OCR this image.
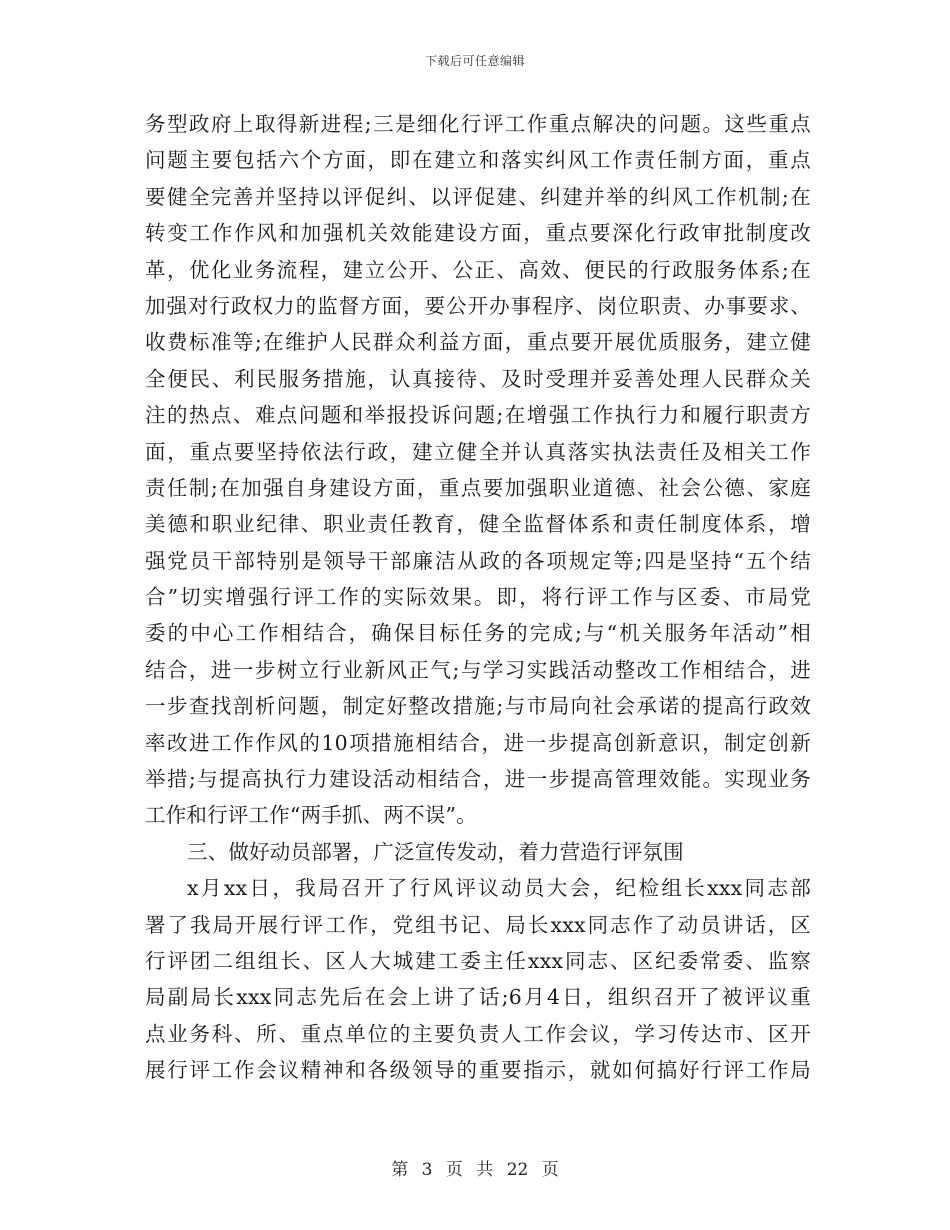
下载后可任意编辑
务型政府上取得新进程;三是细化行评工作重点解决的问题。这些重点
问题主要包括六个方面，即在建立和落实纠风工作责任制方面，重点
要健全完善并坚持以评促纠、以评促建、纠建并举的纠风工作机制;在
转变工作作风和加强机关效能建设方面，重点要深化行政审批制度改
革，优化业务流程，建立公开、公正、高效、便民的行政服务体系;在
加强对行政权力的监督方面，要公开办事程序、岗位职责、办事要求、
收费标准等;在维护人民群众利益方面，重点要开展优质服务，建立健
全便民、利民服务措施，认真接待、及时受理并妥善处理人民群众关
注的热点、难点问题和举报投诉问题;在增强工作执行力和履行职责方
面，重点要坚持依法行政，建立健全并认真落实执法责任及相关工作
责任制;在加强自身建设方面，重点要加强职业道德、社会公德、家庭
美德和职业纪律、职业责任教育，健全监督体系和责任制度体系，增
强党员干部特别是领导干部廉洁从政的各项规定等;四是坚持“五个结
合”切实增强行评工作的实际效果。即，将行评工作与区委、市局党
委的中心工作相结合，确保目标任务的完成;与“机关服务年活动”相
结合，进一步树立行业新风正气;与学习实践活动整改工作相结合，进
一步查找剖析问题，制定好整改措施;与市局向社会承诺的提高行政效
率改进工作作风的10项措施相结合，进一步提高创新意识，制定创新
举措;与提高执行力建设活动相结合，进一步提高管理效能。实现业务
工作和行评工作“两手抓、两不误”。
三、做好动员部署，广泛宣传发动，着力营造行评氛围
x月xx日，我局召开了行风评议动员大会，纪检组长xxx同志部
署了我局开展行评工作，党组书记、局长xxx同志作了动员讲话，区
行评团二组组长、区人大城建工委主任xxx同志、区纪委常委、监察
局副局长xxx同志先后在会上讲了话;6月4日，组织召开了被评议重
点业务科、所、重点单位的主要负责人工作会议，学习传达市、区开
展行评工作会议精神和各级领导的重要指示，就如何搞好行评工作局
第 3 页 共 22 页
